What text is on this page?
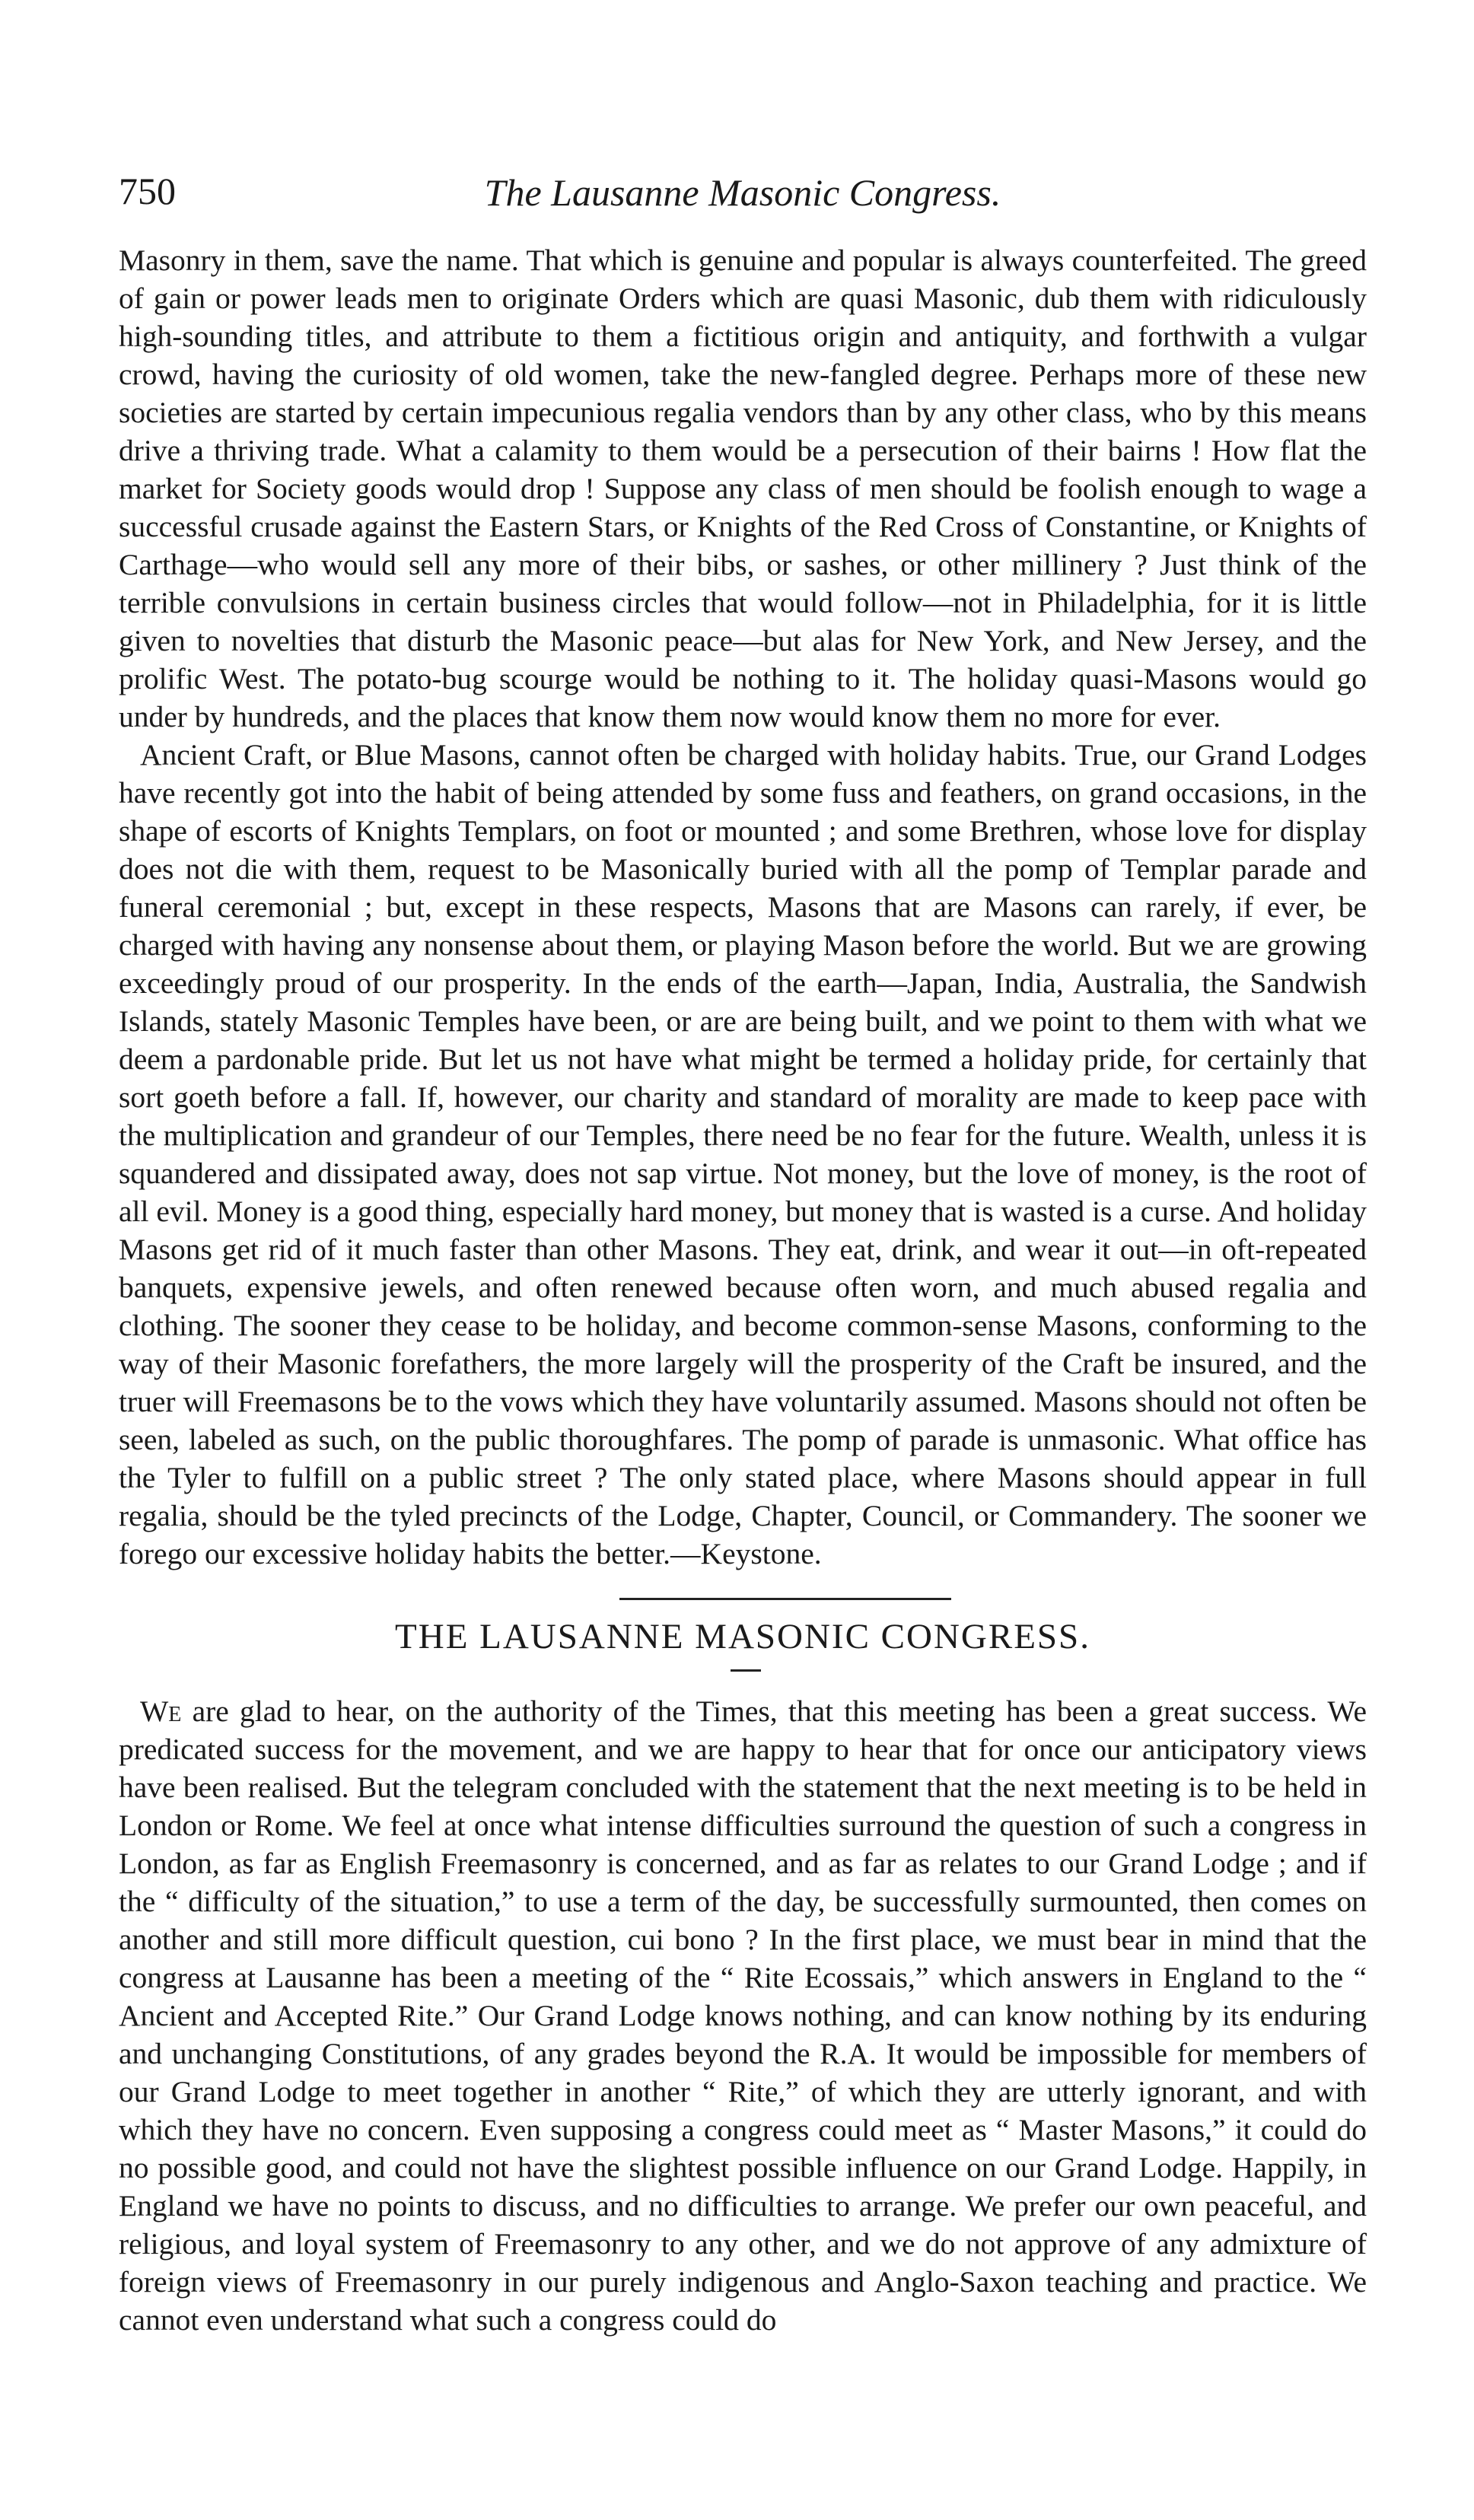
750	The Lausanne Masonic Congress.

Masonry in them, save the name. That which is genuine and popular is always counterfeited. The greed of gain or power leads men to originate Orders which are quasi Masonic, dub them with ridiculously high-sounding titles, and attribute to them a fictitious origin and antiquity, and forthwith a vulgar crowd, having the curiosity of old women, take the new-fangled degree. Perhaps more of these new societies are started by certain impecunious regalia vendors than by any other class, who by this means drive a thriving trade. What a calamity to them would be a persecution of their bairns ! How flat the market for Society goods would drop ! Suppose any class of men should be foolish enough to wage a successful crusade against the Eastern Stars, or Knights of the Red Cross of Constantine, or Knights of Carthage—who would sell any more of their bibs, or sashes, or other millinery ? Just think of the terrible convulsions in certain business circles that would follow—not in Philadelphia, for it is little given to novelties that disturb the Masonic peace—but alas for New York, and New Jersey, and the prolific West. The potato-bug scourge would be nothing to it. The holiday quasi-Masons would go under by hundreds, and the places that know them now would know them no more for ever.

Ancient Craft, or Blue Masons, cannot often be charged with holiday habits. True, our Grand Lodges have recently got into the habit of being attended by some fuss and feathers, on grand occasions, in the shape of escorts of Knights Templars, on foot or mounted ; and some Brethren, whose love for display does not die with them, request to be Masonically buried with all the pomp of Templar parade and funeral ceremonial ; but, except in these respects, Masons that are Masons can rarely, if ever, be charged with having any nonsense about them, or playing Mason before the world. But we are growing exceedingly proud of our prosperity. In the ends of the earth—Japan, India, Australia, the Sandwish Islands, stately Masonic Temples have been, or are are being built, and we point to them with what we deem a pardonable pride. But let us not have what might be termed a holiday pride, for certainly that sort goeth before a fall. If, however, our charity and standard of morality are made to keep pace with the multiplication and grandeur of our Temples, there need be no fear for the future. Wealth, unless it is squandered and dissipated away, does not sap virtue. Not money, but the love of money, is the root of all evil. Money is a good thing, especially hard money, but money that is wasted is a curse. And holiday Masons get rid of it much faster than other Masons. They eat, drink, and wear it out—in oft-repeated banquets, expensive jewels, and often renewed because often worn, and much abused regalia and clothing. The sooner they cease to be holiday, and become common-sense Masons, conforming to the way of their Masonic forefathers, the more largely will the prosperity of the Craft be insured, and the truer will Freemasons be to the vows which they have voluntarily assumed. Masons should not often be seen, labeled as such, on the public thoroughfares. The pomp of parade is unmasonic. What office has the Tyler to fulfill on a public street ? The only stated place, where Masons should appear in full regalia, should be the tyled precincts of the Lodge, Chapter, Council, or Commandery. The sooner we forego our excessive holiday habits the better.—Keystone.

THE LAUSANNE MASONIC CONGRESS.

We are glad to hear, on the authority of the Times, that this meeting has been a great success. We predicated success for the movement, and we are happy to hear that for once our anticipatory views have been realised. But the telegram concluded with the statement that the next meeting is to be held in London or Rome. We feel at once what intense difficulties surround the question of such a congress in London, as far as English Freemasonry is concerned, and as far as relates to our Grand Lodge ; and if the “ difficulty of the situation,” to use a term of the day, be successfully surmounted, then comes on another and still more difficult question, cui bono ? In the first place, we must bear in mind that the congress at Lausanne has been a meeting of the “ Rite Ecossais,” which answers in England to the “ Ancient and Accepted Rite.” Our Grand Lodge knows nothing, and can know nothing by its enduring and unchanging Constitutions, of any grades beyond the R.A. It would be impossible for members of our Grand Lodge to meet together in another “ Rite,” of which they are utterly ignorant, and with which they have no concern. Even supposing a congress could meet as “ Master Masons,” it could do no possible good, and could not have the slightest possible influence on our Grand Lodge. Happily, in England we have no points to discuss, and no difficulties to arrange. We prefer our own peaceful, and religious, and loyal system of Freemasonry to any other, and we do not approve of any admixture of foreign views of Freemasonry in our purely indigenous and Anglo-Saxon teaching and practice. We cannot even understand what such a congress could do
